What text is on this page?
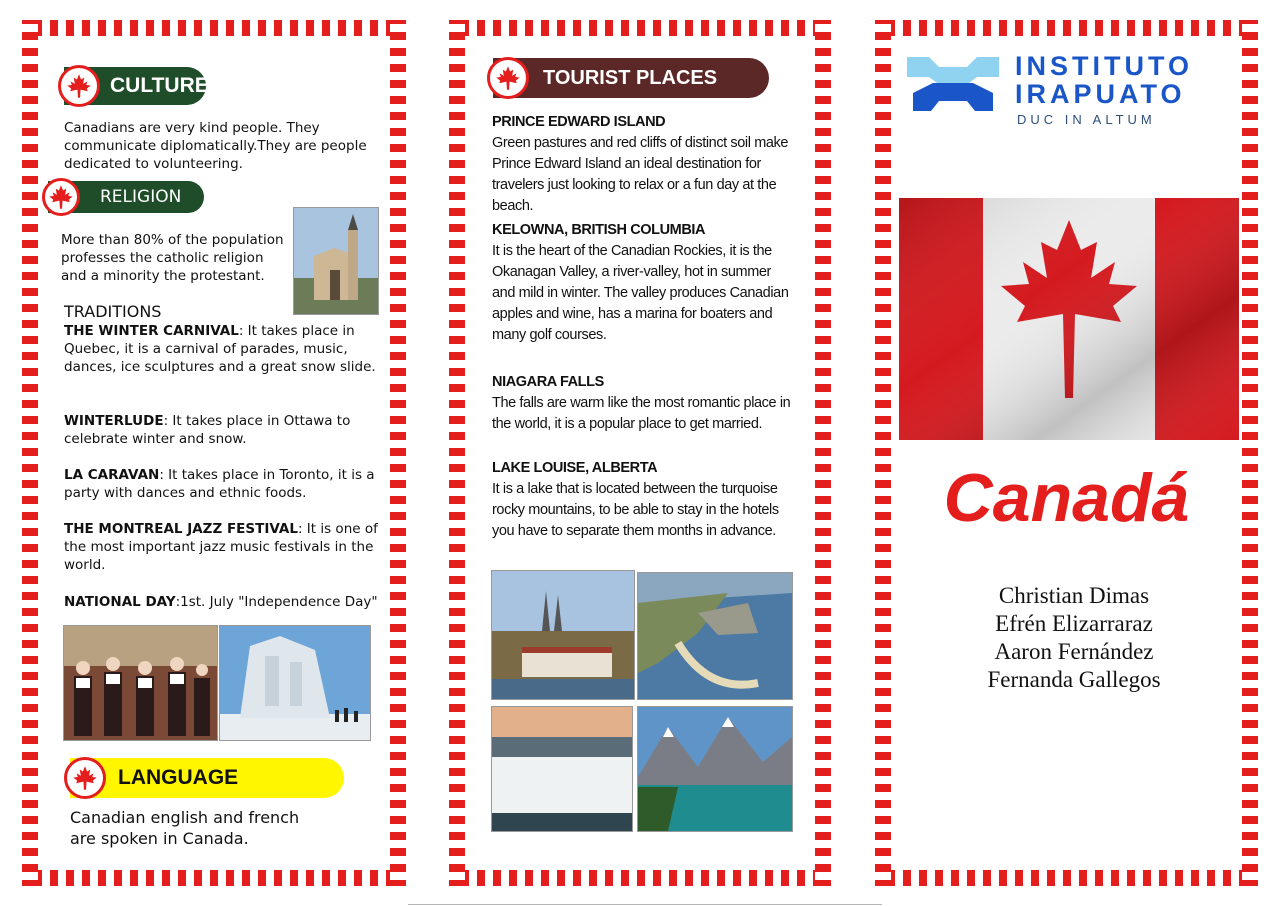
CULTURE
Canadians are very kind people. They communicate diplomatically.They are people dedicated to volunteering.
RELIGION
More than 80% of the population professes the catholic religion and a minority the protestant.
TRADITIONS
THE WINTER CARNIVAL: It takes place in Quebec, it is a carnival of parades, music, dances, ice sculptures and a great snow slide.
WINTERLUDE: It takes place in Ottawa to celebrate winter and snow.
LA CARAVAN: It takes place in Toronto, it is a party with dances and ethnic foods.
THE MONTREAL JAZZ FESTIVAL: It is one of the most important jazz music festivals in the world.
NATIONAL DAY:1st. July "Independence Day"
LANGUAGE
Canadian english and french are spoken in Canada.
TOURIST PLACES
PRINCE EDWARD ISLAND
Green pastures and red cliffs of distinct soil make Prince Edward Island an ideal destination for travelers just looking to relax or a fun day at the beach.
KELOWNA, BRITISH COLUMBIA
It is the heart of the Canadian Rockies, it is the Okanagan Valley, a river-valley, hot in summer and mild in winter. The valley produces Canadian apples and wine, has a marina for boaters and many golf courses.
NIAGARA FALLS
The falls are warm like the most romantic place in the world, it is a popular place to get married.
LAKE LOUISE, ALBERTA
It is a lake that is located between the turquoise rocky mountains, to be able to stay in the hotels you have to separate them months in advance.
INSTITUTO
IRAPUATO
DUC IN ALTUM
Canadá
Christian Dimas
Efrén Elizarraraz
Aaron Fernández
Fernanda Gallegos
